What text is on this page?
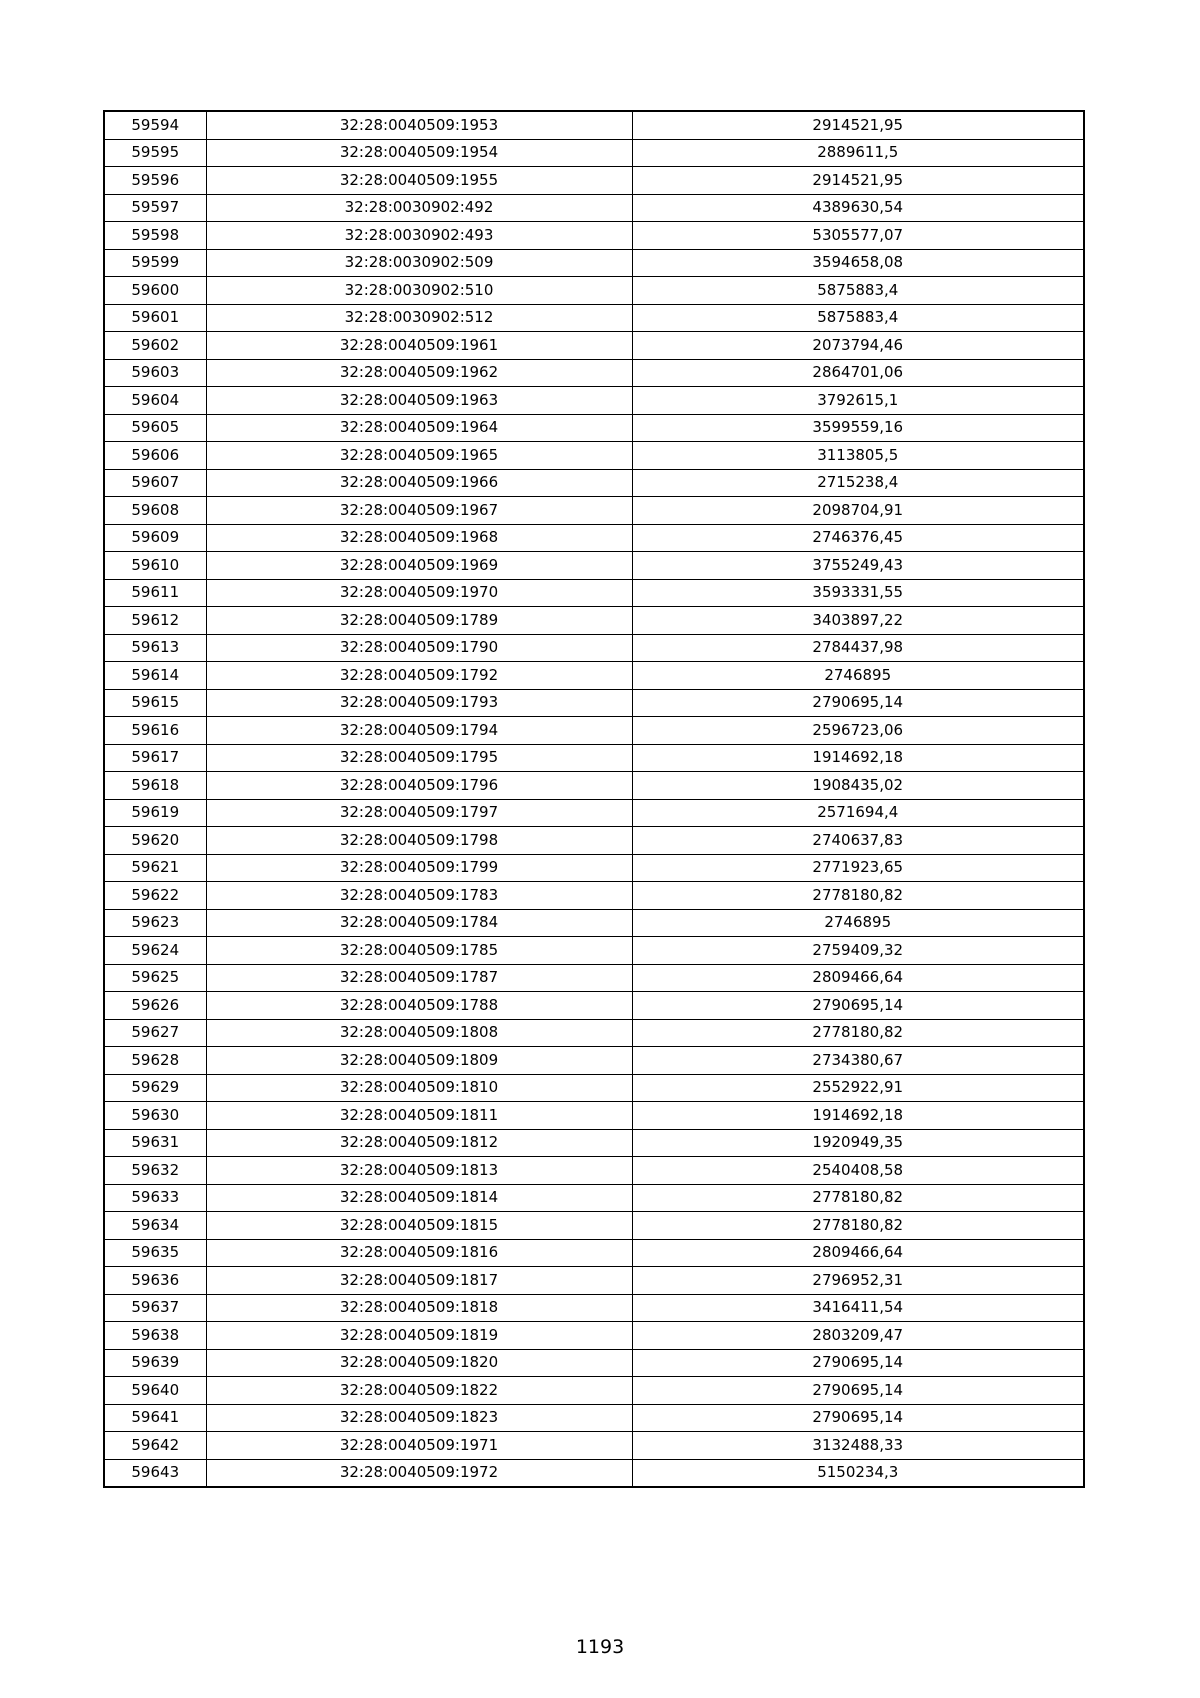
59594	32:28:0040509:1953	2914521,95
59595	32:28:0040509:1954	2889611,5
59596	32:28:0040509:1955	2914521,95
59597	32:28:0030902:492	4389630,54
59598	32:28:0030902:493	5305577,07
59599	32:28:0030902:509	3594658,08
59600	32:28:0030902:510	5875883,4
59601	32:28:0030902:512	5875883,4
59602	32:28:0040509:1961	2073794,46
59603	32:28:0040509:1962	2864701,06
59604	32:28:0040509:1963	3792615,1
59605	32:28:0040509:1964	3599559,16
59606	32:28:0040509:1965	3113805,5
59607	32:28:0040509:1966	2715238,4
59608	32:28:0040509:1967	2098704,91
59609	32:28:0040509:1968	2746376,45
59610	32:28:0040509:1969	3755249,43
59611	32:28:0040509:1970	3593331,55
59612	32:28:0040509:1789	3403897,22
59613	32:28:0040509:1790	2784437,98
59614	32:28:0040509:1792	2746895
59615	32:28:0040509:1793	2790695,14
59616	32:28:0040509:1794	2596723,06
59617	32:28:0040509:1795	1914692,18
59618	32:28:0040509:1796	1908435,02
59619	32:28:0040509:1797	2571694,4
59620	32:28:0040509:1798	2740637,83
59621	32:28:0040509:1799	2771923,65
59622	32:28:0040509:1783	2778180,82
59623	32:28:0040509:1784	2746895
59624	32:28:0040509:1785	2759409,32
59625	32:28:0040509:1787	2809466,64
59626	32:28:0040509:1788	2790695,14
59627	32:28:0040509:1808	2778180,82
59628	32:28:0040509:1809	2734380,67
59629	32:28:0040509:1810	2552922,91
59630	32:28:0040509:1811	1914692,18
59631	32:28:0040509:1812	1920949,35
59632	32:28:0040509:1813	2540408,58
59633	32:28:0040509:1814	2778180,82
59634	32:28:0040509:1815	2778180,82
59635	32:28:0040509:1816	2809466,64
59636	32:28:0040509:1817	2796952,31
59637	32:28:0040509:1818	3416411,54
59638	32:28:0040509:1819	2803209,47
59639	32:28:0040509:1820	2790695,14
59640	32:28:0040509:1822	2790695,14
59641	32:28:0040509:1823	2790695,14
59642	32:28:0040509:1971	3132488,33
59643	32:28:0040509:1972	5150234,3
1193
